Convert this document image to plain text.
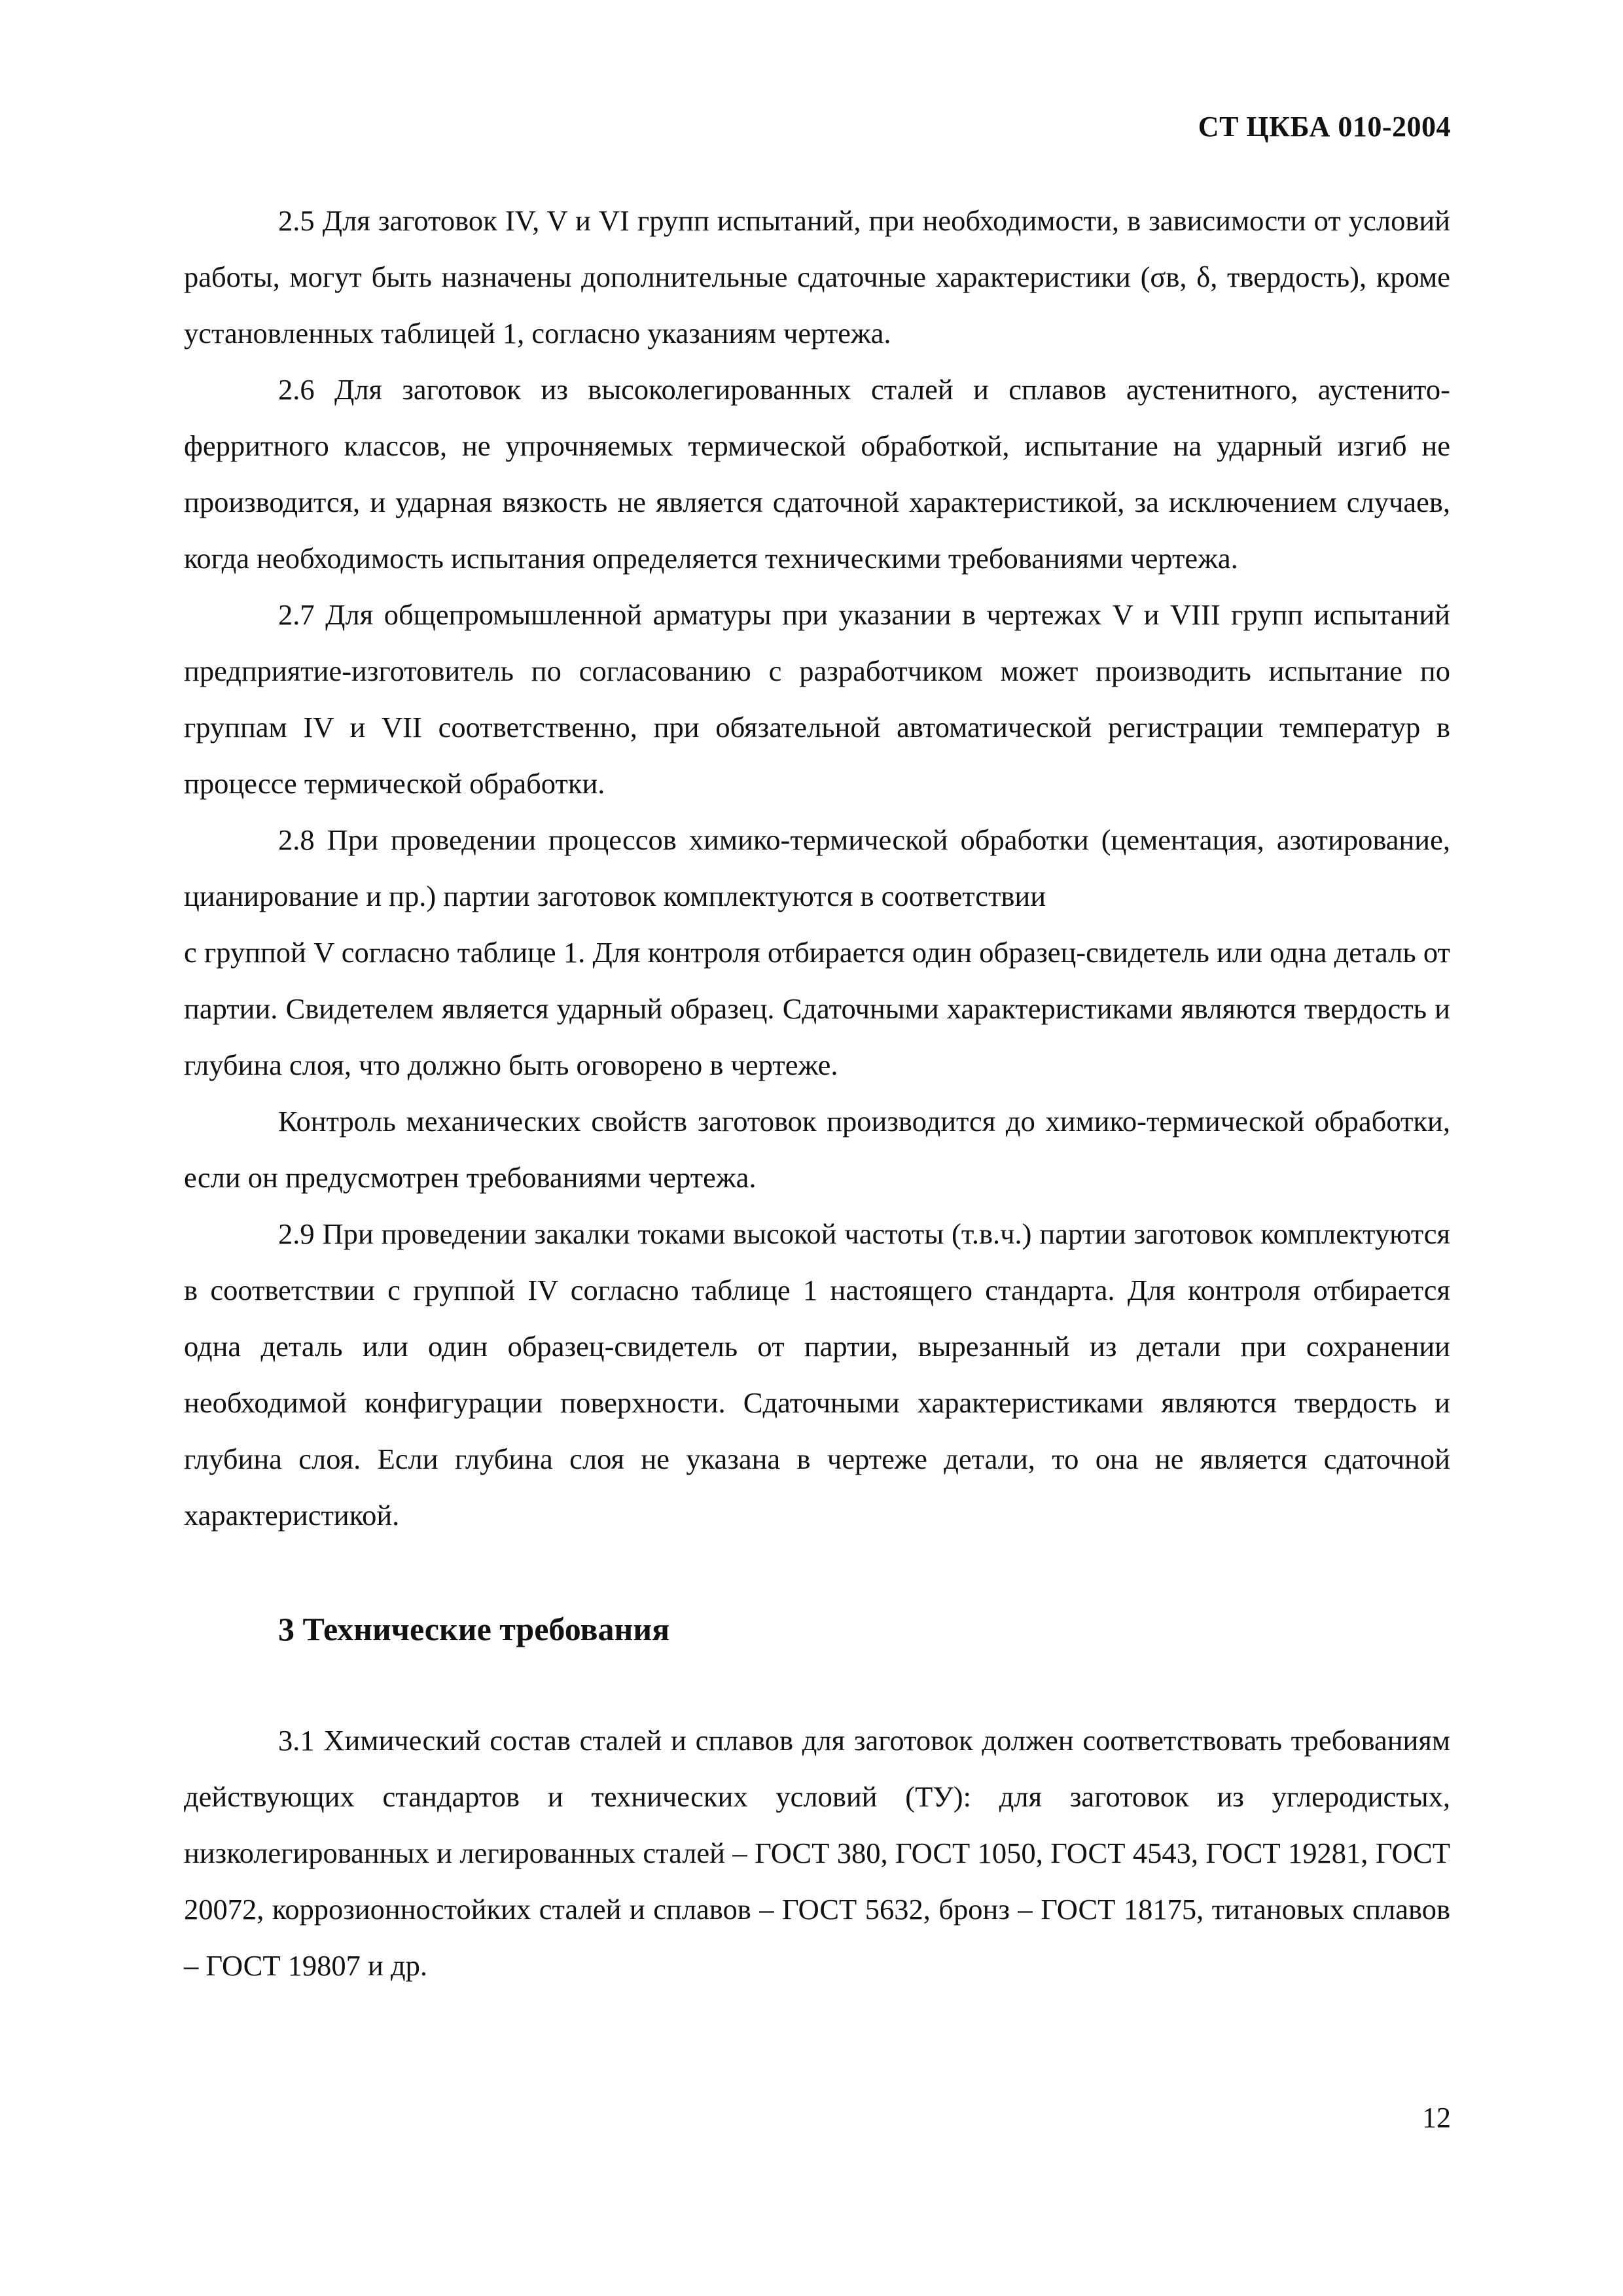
СТ ЦКБА 010-2004

2.5 Для заготовок IV, V и VI групп испытаний, при необходимости, в зависимости от условий работы, могут быть назначены дополнительные сдаточные характеристики (σв, δ, твердость), кроме установленных таблицей 1, согласно указаниям чертежа.

2.6 Для заготовок из высоколегированных сталей и сплавов аустенитного, аустенито-ферритного классов, не упрочняемых термической обработкой, испытание на ударный изгиб не производится, и ударная вязкость не является сдаточной характеристикой, за исключением случаев, когда необходимость испытания определяется техническими требованиями чертежа.

2.7 Для общепромышленной арматуры при указании в чертежах V и VIII групп испытаний предприятие-изготовитель по согласованию с разработчиком может производить испытание по группам IV и VII соответственно, при обязательной автоматической регистрации температур в процессе термической обработки.

2.8 При проведении процессов химико-термической обработки (цементация, азотирование, цианирование и пр.) партии заготовок комплектуются в соответствии

с группой V согласно таблице 1. Для контроля отбирается один образец-свидетель или одна деталь от партии. Свидетелем является ударный образец. Сдаточными характеристиками являются твердость и глубина слоя, что должно быть оговорено в чертеже.

Контроль механических свойств заготовок производится до химико-термической обработки, если он предусмотрен требованиями чертежа.

2.9 При проведении закалки токами высокой частоты (т.в.ч.) партии заготовок комплектуются в соответствии с группой IV согласно таблице 1 настоящего стандарта. Для контроля отбирается одна деталь или один образец-свидетель от партии, вырезанный из детали при сохранении необходимой конфигурации поверхности. Сдаточными характеристиками являются твердость и глубина слоя. Если глубина слоя не указана в чертеже детали, то она не является сдаточной характеристикой.

3 Технические требования

3.1 Химический состав сталей и сплавов для заготовок должен соответствовать требованиям действующих стандартов и технических условий (ТУ): для заготовок из углеродистых, низколегированных и легированных сталей – ГОСТ 380, ГОСТ 1050, ГОСТ 4543, ГОСТ 19281, ГОСТ 20072, коррозионностойких сталей и сплавов – ГОСТ 5632, бронз – ГОСТ 18175, титановых сплавов – ГОСТ 19807 и др.

12
